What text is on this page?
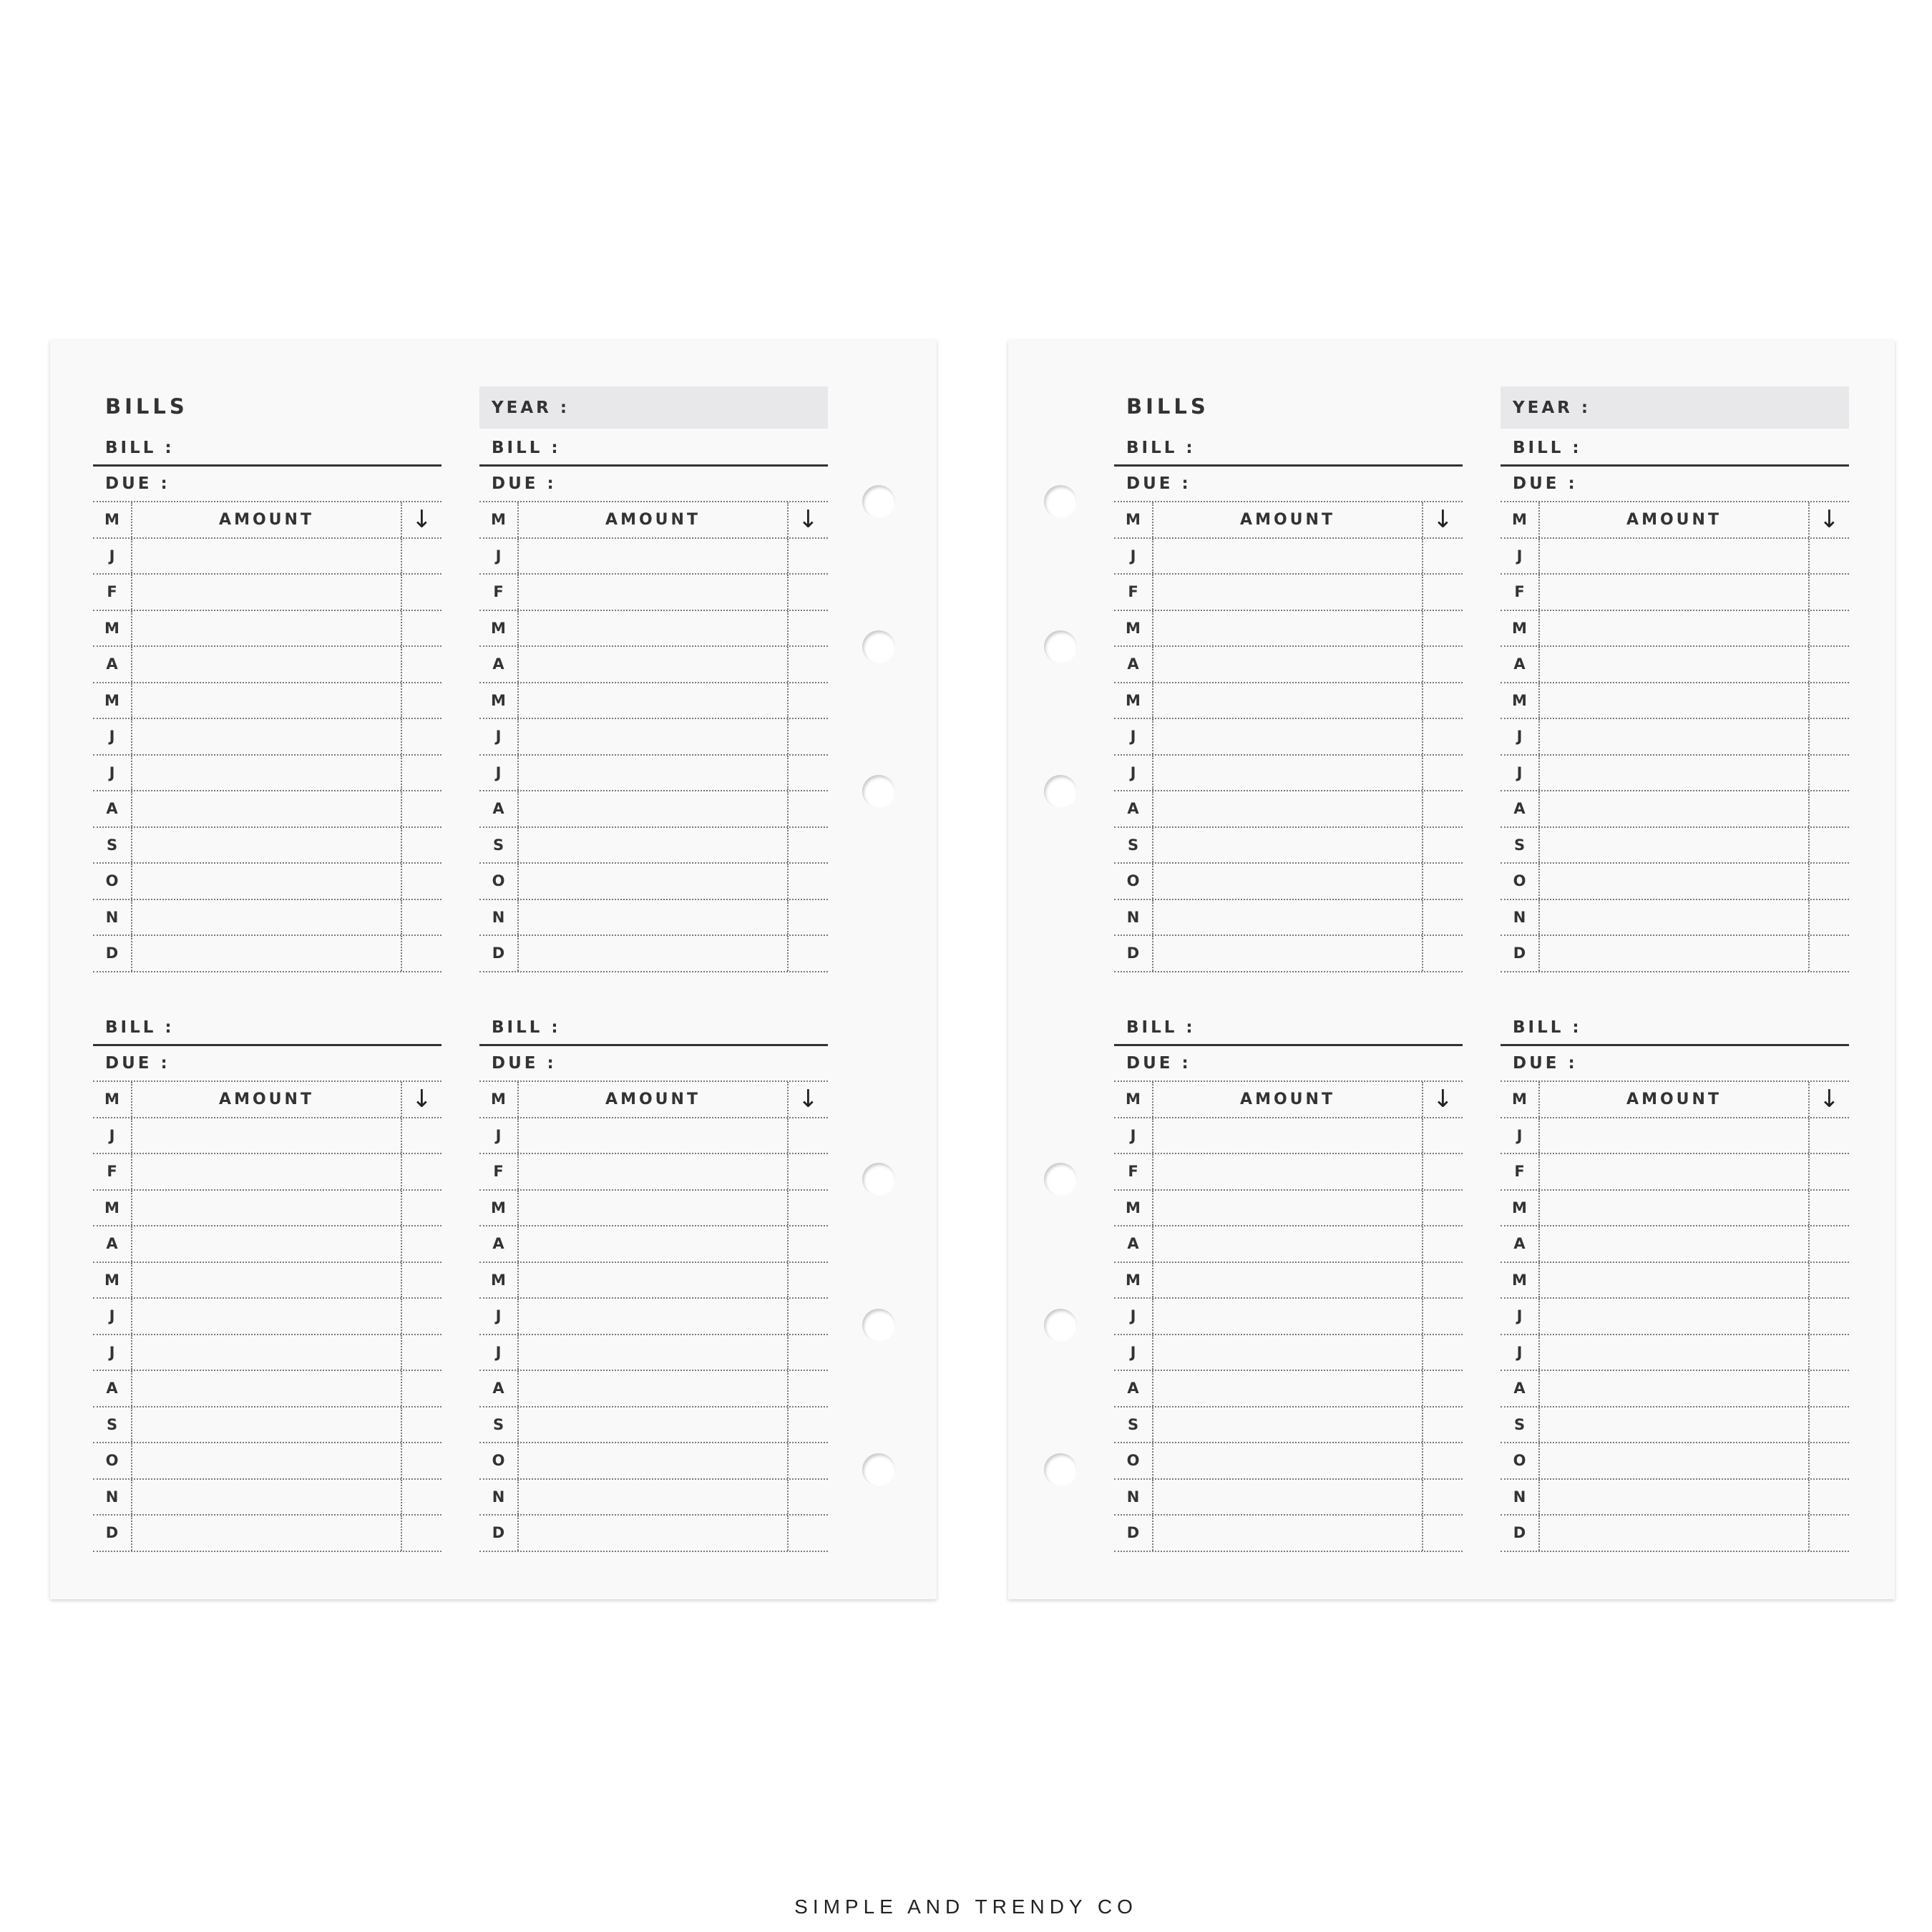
BILLS	YEAR :
BILL :
DUE :
M	AMOUNT	↓
J
F
M
A
M
J
J
A
S
O
N
D
BILL :
DUE :
M	AMOUNT	↓
J
F
M
A
M
J
J
A
S
O
N
D
BILL :
DUE :
M	AMOUNT	↓
J
F
M
A
M
J
J
A
S
O
N
D
BILL :
DUE :
M	AMOUNT	↓
J
F
M
A
M
J
J
A
S
O
N
D
BILLS	YEAR :
BILL :
DUE :
M	AMOUNT	↓
J
F
M
A
M
J
J
A
S
O
N
D
BILL :
DUE :
M	AMOUNT	↓
J
F
M
A
M
J
J
A
S
O
N
D
BILL :
DUE :
M	AMOUNT	↓
J
F
M
A
M
J
J
A
S
O
N
D
BILL :
DUE :
M	AMOUNT	↓
J
F
M
A
M
J
J
A
S
O
N
D
SIMPLE AND TRENDY CO
